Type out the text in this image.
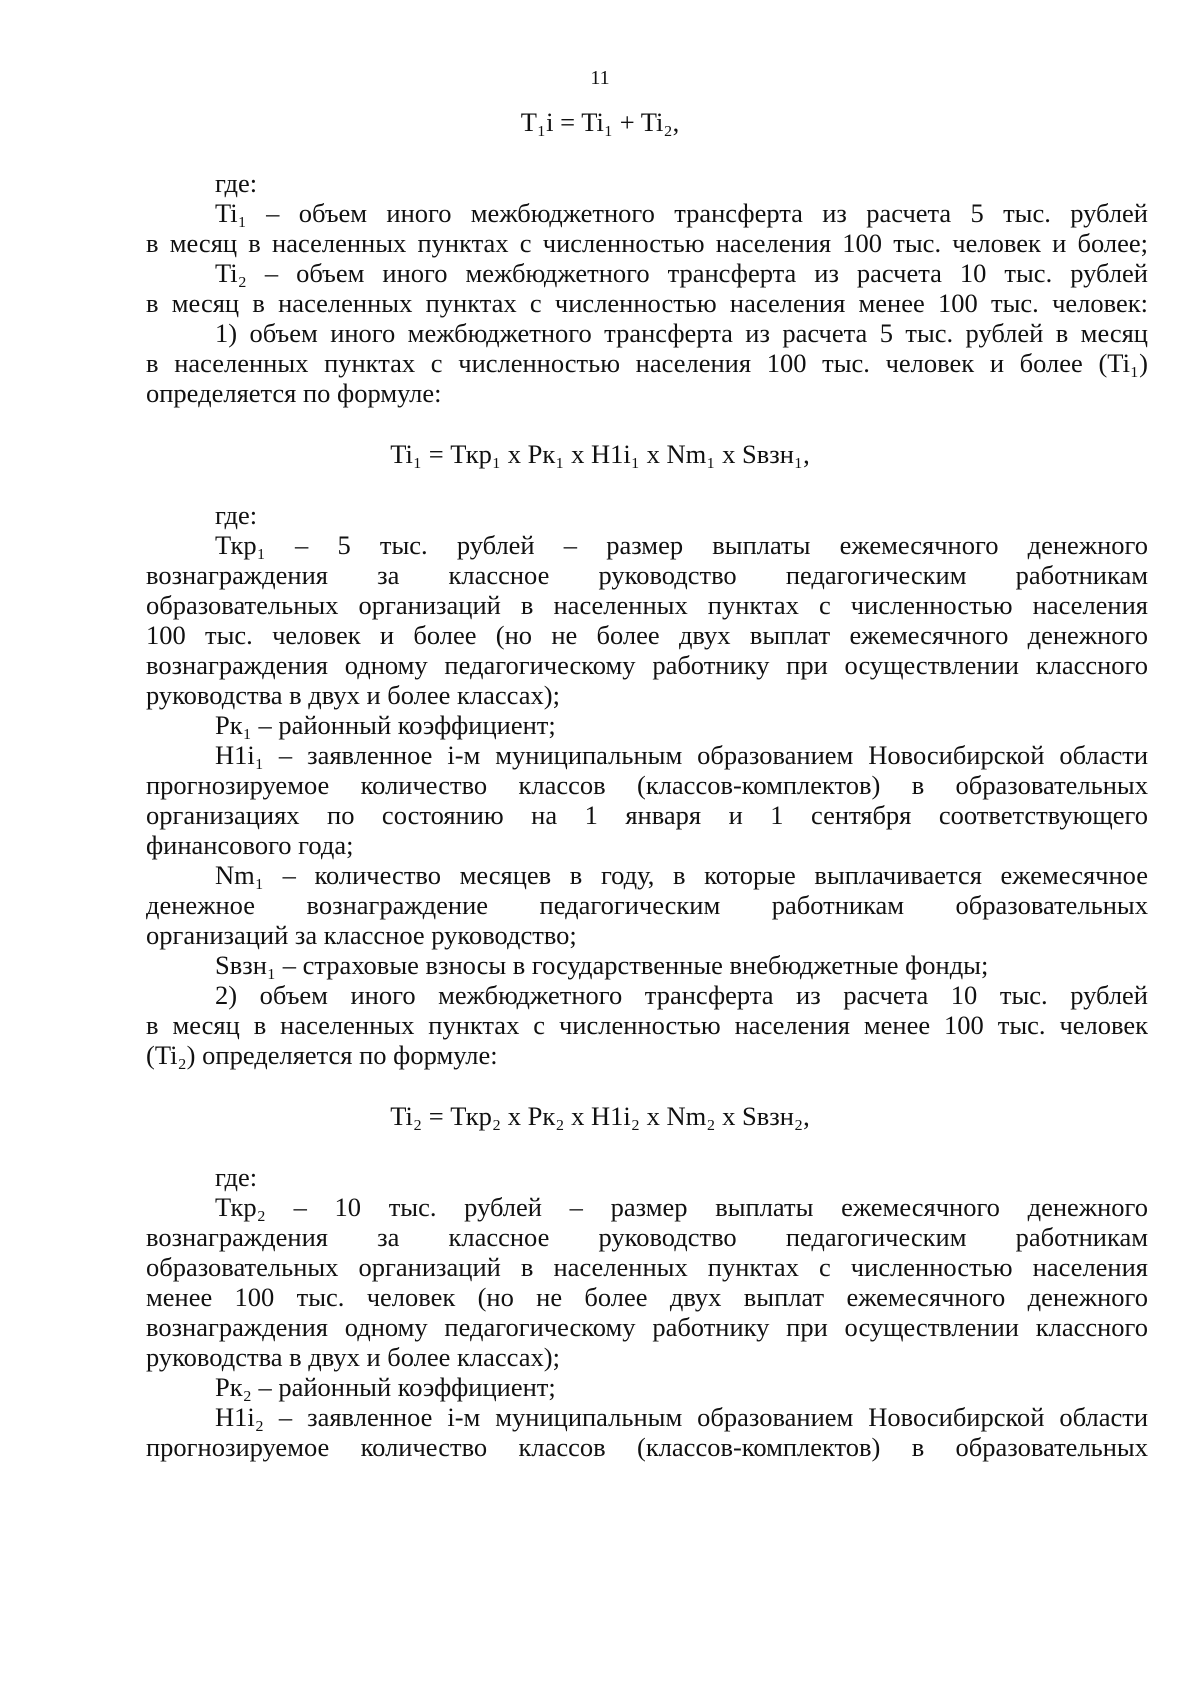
11
T₁i = Ti₁ + Ti₂,
где:
Ti₁ – объем иного межбюджетного трансферта из расчета 5 тыс. рублей
в месяц в населенных пунктах с численностью населения 100 тыс. человек и более;
Ti₂ – объем иного межбюджетного трансферта из расчета 10 тыс. рублей
в месяц в населенных пунктах с численностью населения менее 100 тыс. человек:
1) объем иного межбюджетного трансферта из расчета 5 тыс. рублей в месяц
в населенных пунктах с численностью населения 100 тыс. человек и более (Ti₁)
определяется по формуле:
Ti₁ = Ткр₁ х Рк₁ х Н1i₁ х Nm₁ х Sвзн₁,
где:
Ткр₁ – 5 тыс. рублей – размер выплаты ежемесячного денежного
вознаграждения за классное руководство педагогическим работникам
образовательных организаций в населенных пунктах с численностью населения
100 тыс. человек и более (но не более двух выплат ежемесячного денежного
вознаграждения одному педагогическому работнику при осуществлении классного
руководства в двух и более классах);
Рк₁ – районный коэффициент;
Н1i₁ – заявленное i-м муниципальным образованием Новосибирской области
прогнозируемое количество классов (классов-комплектов) в образовательных
организациях по состоянию на 1 января и 1 сентября соответствующего
финансового года;
Nm₁ – количество месяцев в году, в которые выплачивается ежемесячное
денежное вознаграждение педагогическим работникам образовательных
организаций за классное руководство;
Sвзн₁ – страховые взносы в государственные внебюджетные фонды;
2) объем иного межбюджетного трансферта из расчета 10 тыс. рублей
в месяц в населенных пунктах с численностью населения менее 100 тыс. человек
(Ti₂) определяется по формуле:
Ti₂ = Ткр₂ х Рк₂ х Н1i₂ х Nm₂ х Sвзн₂,
где:
Ткр₂ – 10 тыс. рублей – размер выплаты ежемесячного денежного
вознаграждения за классное руководство педагогическим работникам
образовательных организаций в населенных пунктах с численностью населения
менее 100 тыс. человек (но не более двух выплат ежемесячного денежного
вознаграждения одному педагогическому работнику при осуществлении классного
руководства в двух и более классах);
Рк₂ – районный коэффициент;
Н1i₂ – заявленное i-м муниципальным образованием Новосибирской области
прогнозируемое количество классов (классов-комплектов) в образовательных
